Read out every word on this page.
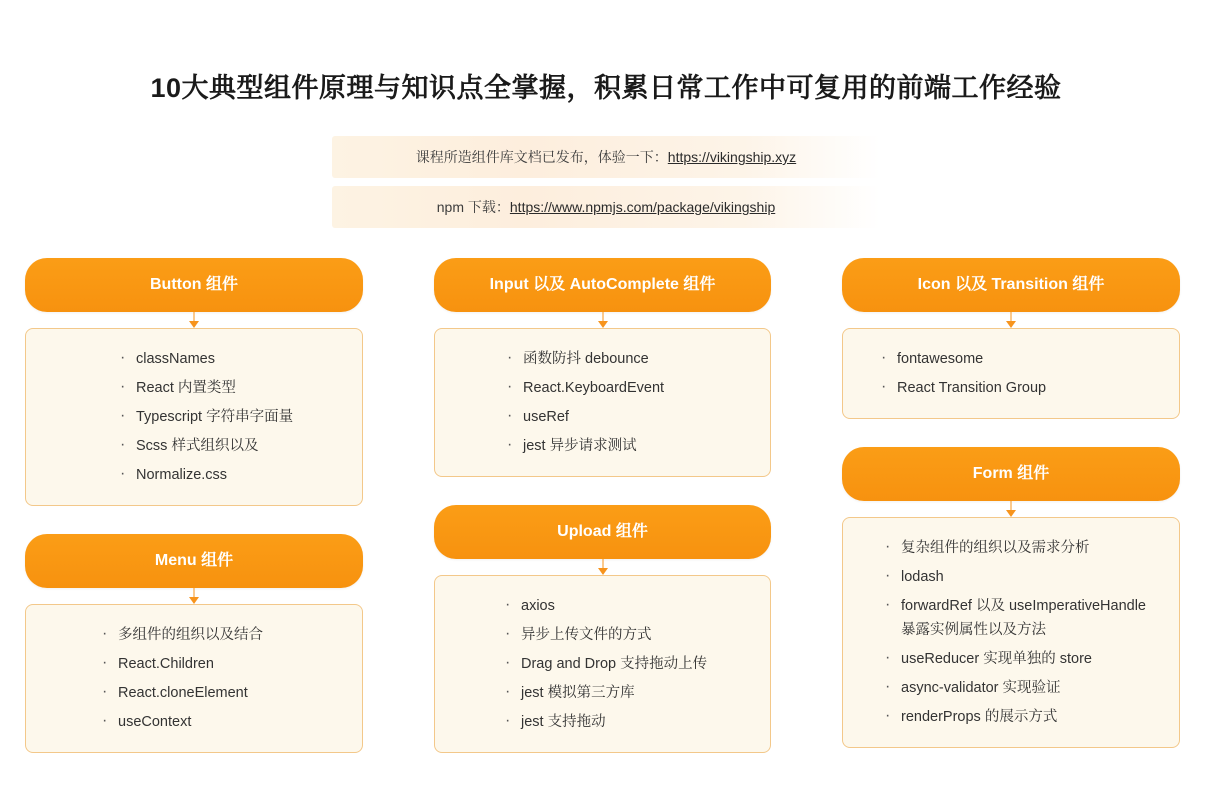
10大典型组件原理与知识点全掌握，积累日常工作中可复用的前端工作经验
课程所造组件库文档已发布，体验一下： https://vikingship.xyz
npm 下载： https://www.npmjs.com/package/vikingship
Button 组件
· classNames
· React 内置类型
· Typescript 字符串字面量
· Scss 样式组织以及
· Normalize.css
Menu 组件
· 多组件的组织以及结合
· React.Children
· React.cloneElement
· useContext
Input 以及 AutoComplete 组件
· 函数防抖 debounce
· React.KeyboardEvent
· useRef
· jest 异步请求测试
Upload 组件
· axios
· 异步上传文件的方式
· Drag and Drop 支持拖动上传
· jest 模拟第三方库
· jest 支持拖动
Icon 以及 Transition 组件
· fontawesome
· React Transition Group
Form 组件
· 复杂组件的组织以及需求分析
· lodash
· forwardRef 以及 useImperativeHandle 暴露实例属性以及方法
· useReducer 实现单独的 store
· async-validator 实现验证
· renderProps 的展示方式
